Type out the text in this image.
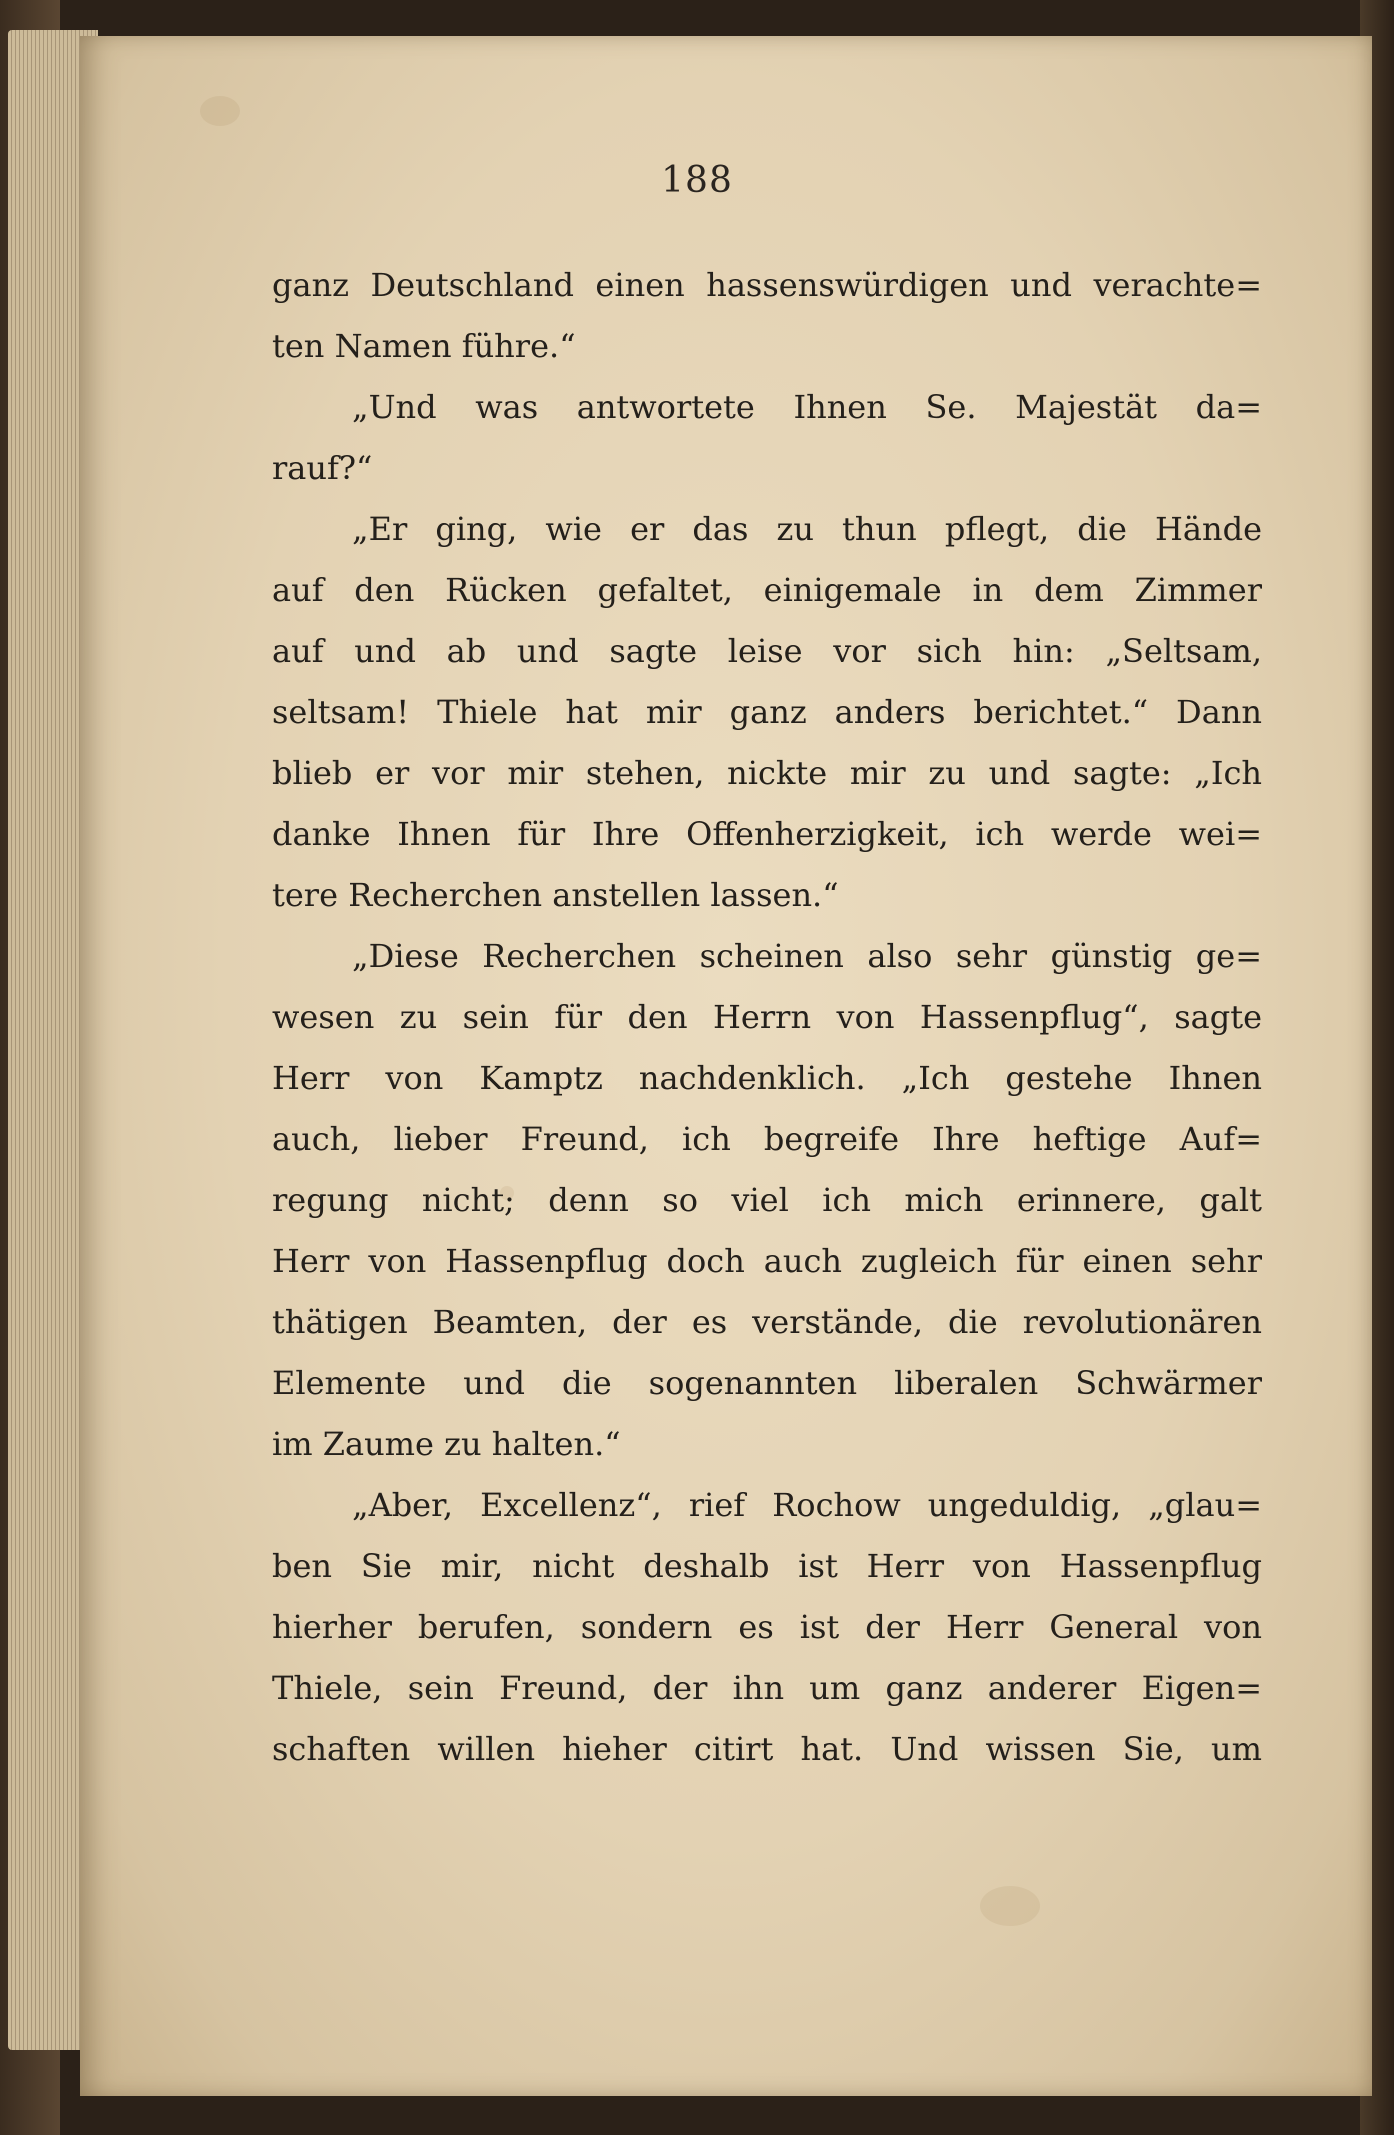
188
ganz Deutschland einen hassenswürdigen und verachte=
ten Namen führe.“
„Und was antwortete Ihnen Se. Majestät da=
rauf?“
„Er ging, wie er das zu thun pflegt, die Hände
auf den Rücken gefaltet, einigemale in dem Zimmer
auf und ab und sagte leise vor sich hin: „Seltsam,
seltsam! Thiele hat mir ganz anders berichtet.“ Dann
blieb er vor mir stehen, nickte mir zu und sagte: „Ich
danke Ihnen für Ihre Offenherzigkeit, ich werde wei=
tere Recherchen anstellen lassen.“
„Diese Recherchen scheinen also sehr günstig ge=
wesen zu sein für den Herrn von Hassenpflug“, sagte
Herr von Kamptz nachdenklich. „Ich gestehe Ihnen
auch, lieber Freund, ich begreife Ihre heftige Auf=
regung nicht; denn so viel ich mich erinnere, galt
Herr von Hassenpflug doch auch zugleich für einen sehr
thätigen Beamten, der es verstände, die revolutionären
Elemente und die sogenannten liberalen Schwärmer
im Zaume zu halten.“
„Aber, Excellenz“, rief Rochow ungeduldig, „glau=
ben Sie mir, nicht deshalb ist Herr von Hassenpflug
hierher berufen, sondern es ist der Herr General von
Thiele, sein Freund, der ihn um ganz anderer Eigen=
schaften willen hieher citirt hat. Und wissen Sie, um
